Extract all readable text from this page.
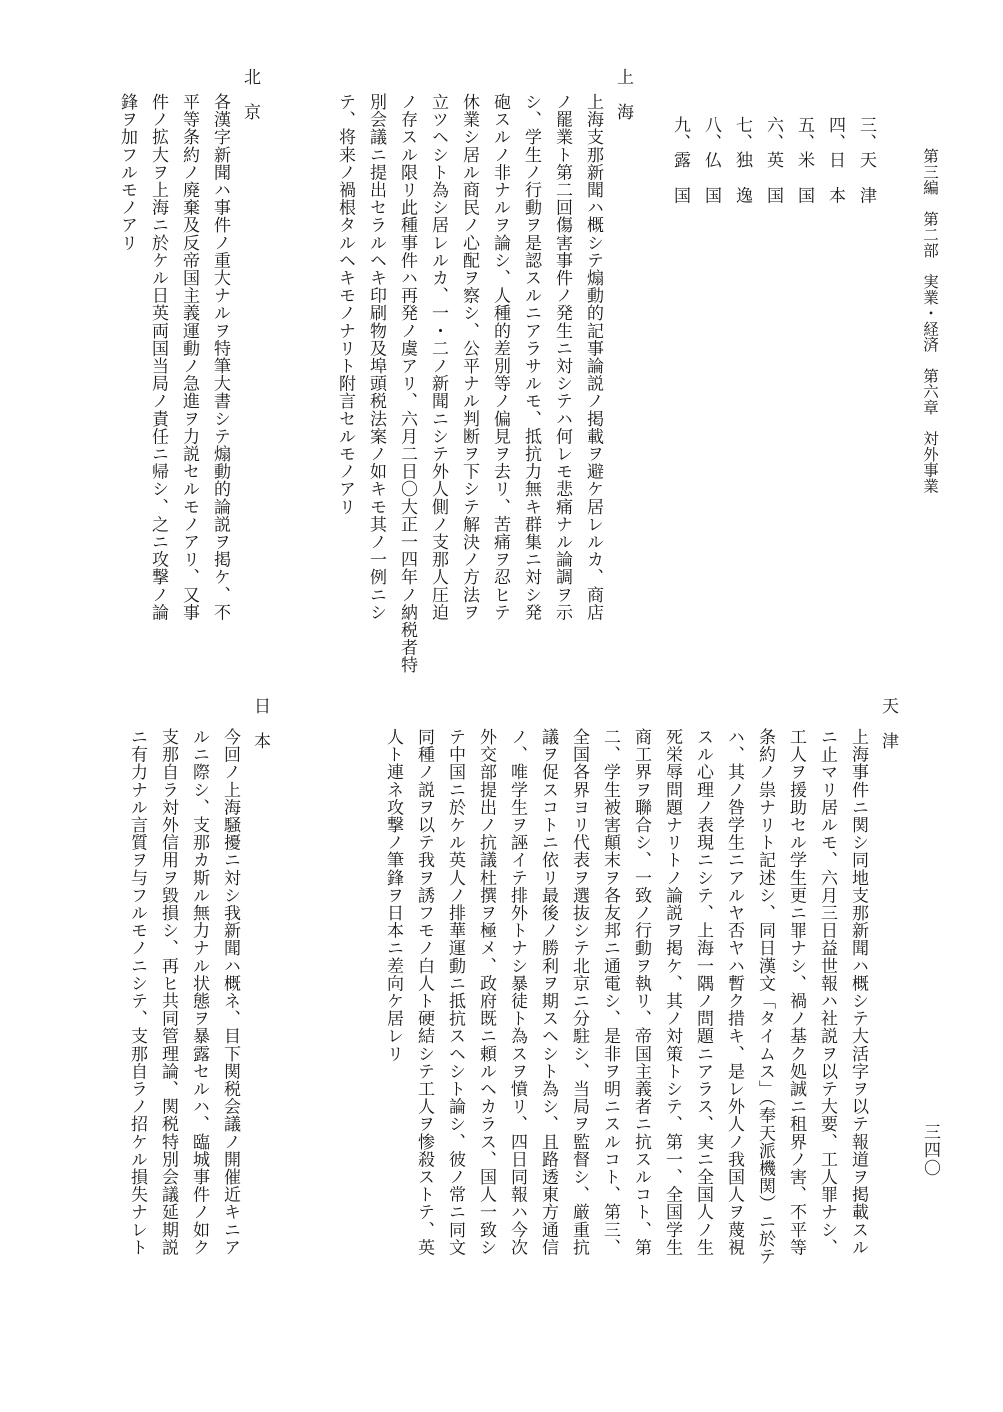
第三編　第二部　実業・経済　第六章　対外事業
三四〇
三、天　津
四、日　本
五、米　国
六、英　国
七、独　逸
八、仏　国
九、露　国
上　海
上海支那新聞ハ概シテ煽動的記事論説ノ掲載ヲ避ケ居レルカ、商店
ノ罷業ト第二回傷害事件ノ発生ニ対シテハ何レモ悲痛ナル論調ヲ示
シ、学生ノ行動ヲ是認スルニアラサルモ、抵抗力無キ群集ニ対シ発
砲スルノ非ナルヲ論シ、人種的差別等ノ偏見ヲ去リ、苦痛ヲ忍ヒテ
休業シ居ル商民ノ心配ヲ察シ、公平ナル判断ヲ下シテ解決ノ方法ヲ
立ツヘシト為シ居レルカ、一・二ノ新聞ニシテ外人側ノ支那人圧迫
ノ存スル限リ此種事件ハ再発ノ虞アリ、六月二日〇大正一四年ノ納税者特
別会議ニ提出セラルヘキ印刷物及埠頭税法案ノ如キモ其ノ一例ニシ
テ、将来ノ禍根タルヘキモノナリト附言セルモノアリ
北　京
各漢字新聞ハ事件ノ重大ナルヲ特筆大書シテ煽動的論説ヲ掲ケ、不
平等条約ノ廃棄及反帝国主義運動ノ急進ヲ力説セルモノアリ、又事
件ノ拡大ヲ上海ニ於ケル日英両国当局ノ責任ニ帰シ、之ニ攻撃ノ論
鋒ヲ加フルモノアリ
天　津
上海事件ニ関シ同地支那新聞ハ概シテ大活字ヲ以テ報道ヲ掲載スル
ニ止マリ居ルモ、六月三日益世報ハ社説ヲ以テ大要、工人罪ナシ、
工人ヲ援助セル学生更ニ罪ナシ、禍ノ基ク処誠ニ租界ノ害、不平等
条約ノ祟ナリト記述シ、同日漢文「タイムス」（奉天派機関）ニ於テ
ハ、其ノ咎学生ニアルヤ否ヤハ暫ク措キ、是レ外人ノ我国人ヲ蔑視
スル心理ノ表現ニシテ、上海一隅ノ問題ニアラス、実ニ全国人ノ生
死栄辱問題ナリトノ論説ヲ掲ケ、其ノ対策トシテ、第一、全国学生
商工界ヲ聯合シ、一致ノ行動ヲ執リ、帝国主義者ニ抗スルコト、第
二、学生被害顛末ヲ各友邦ニ通電シ、是非ヲ明ニスルコト、第三、
全国各界ヨリ代表ヲ選抜シテ北京ニ分駐シ、当局ヲ監督シ、厳重抗
議ヲ促スコトニ依リ最後ノ勝利ヲ期スヘシト為シ、且路透東方通信
ノ、唯学生ヲ誣イテ排外トナシ暴徒ト為スヲ憤リ、四日同報ハ今次
外交部提出ノ抗議杜撰ヲ極メ、政府既ニ頼ルヘカラス、国人一致シ
テ中国ニ於ケル英人ノ排華運動ニ抵抗スヘシト論シ、彼ノ常ニ同文
同種ノ説ヲ以テ我ヲ誘フモノ白人ト硬結シテ工人ヲ惨殺ストテ、英
人ト連ネ攻撃ノ筆鋒ヲ日本ニ差向ケ居レリ
日　本
今回ノ上海騒擾ニ対シ我新聞ハ概ネ、目下関税会議ノ開催近キニア
ルニ際シ、支那カ斯ル無力ナル状態ヲ暴露セルハ、臨城事件ノ如ク
支那自ラ対外信用ヲ毀損シ、再ヒ共同管理論、関税特別会議延期説
ニ有力ナル言質ヲ与フルモノニシテ、支那自ラノ招ケル損失ナレト
